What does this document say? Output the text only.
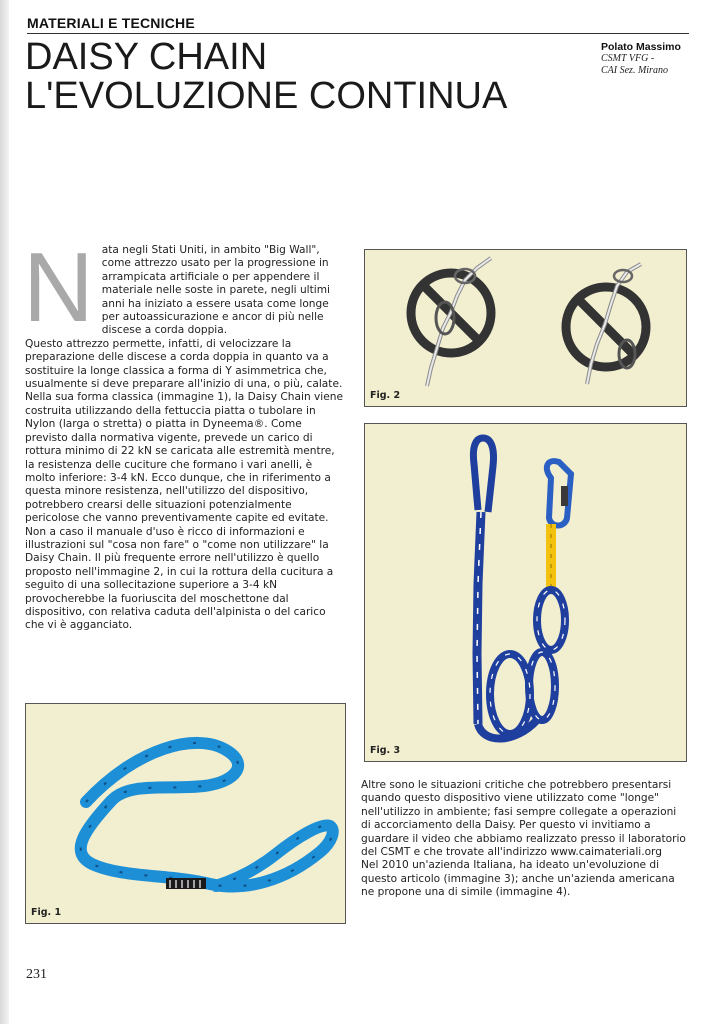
MATERIALI E TECNICHE
DAISY CHAIN
L'EVOLUZIONE CONTINUA
Polato Massimo
CSMT VFG -
CAI Sez. Mirano
N ata negli Stati Uniti, in ambito "Big Wall", come attrezzo usato per la progressione in arrampicata artificiale o per appendere il materiale nelle soste in parete, negli ultimi anni ha iniziato a essere usata come longe per autoassicurazione e ancor di più nelle discese a corda doppia.

Questo attrezzo permette, infatti, di velocizzare la preparazione delle discese a corda doppia in quanto va a sostituire la longe classica a forma di Y asimmetrica che, usualmente si deve preparare all'inizio di una, o più, calate.

Nella sua forma classica (immagine 1), la Daisy Chain viene costruita utilizzando della fettuccia piatta o tubolare in Nylon (larga o stretta) o piatta in Dyneema®. Come previsto dalla normativa vigente, prevede un carico di rottura minimo di 22 kN se caricata alle estremità mentre, la resistenza delle cuciture che formano i vari anelli, è molto inferiore: 3-4 kN. Ecco dunque, che in riferimento a questa minore resistenza, nell'utilizzo del dispositivo, potrebbero crearsi delle situazioni potenzialmente pericolose che vanno preventivamente capite ed evitate. Non a caso il manuale d'uso è ricco di informazioni e illustrazioni sul "cosa non fare" o "come non utilizzare" la Daisy Chain. Il più frequente errore nell'utilizzo è quello proposto nell'immagine 2, in cui la rottura della cucitura a seguito di una sollecitazione superiore a 3-4 kN provocherebbe la fuoriuscita del moschettone dal dispositivo, con relativa caduta dell'alpinista o del carico che vi è agganciato.

Fig. 2
Fig. 3
Fig. 1

Altre sono le situazioni critiche che potrebbero presentarsi quando questo dispositivo viene utilizzato come "longe" nell'utilizzo in ambiente; fasi sempre collegate a operazioni di accorciamento della Daisy. Per questo vi invitiamo a guardare il video che abbiamo realizzato presso il laboratorio del CSMT e che trovate all'indirizzo www.caimateriali.org

Nel 2010 un'azienda Italiana, ha ideato un'evoluzione di questo articolo (immagine 3); anche un'azienda americana ne propone una di simile (immagine 4).

231
